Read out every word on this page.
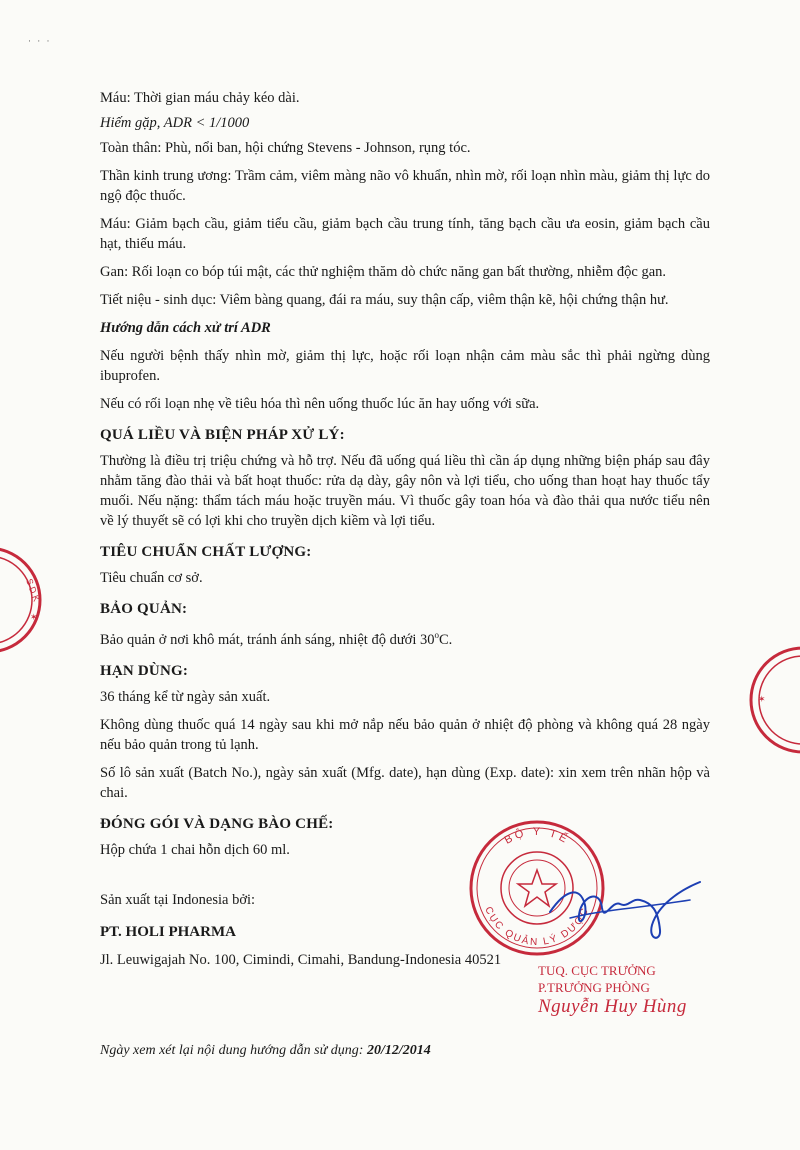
· · ·

Máu: Thời gian máu chảy kéo dài.

Hiếm gặp, ADR < 1/1000

Toàn thân: Phù, nổi ban, hội chứng Stevens - Johnson, rụng tóc.

Thần kinh trung ương: Trầm cảm, viêm màng não vô khuẩn, nhìn mờ, rối loạn nhìn màu, giảm thị lực do ngộ độc thuốc.

Máu: Giảm bạch cầu, giảm tiểu cầu, giảm bạch cầu trung tính, tăng bạch cầu ưa eosin, giảm bạch cầu hạt, thiếu máu.

Gan: Rối loạn co bóp túi mật, các thử nghiệm thăm dò chức năng gan bất thường, nhiễm độc gan.

Tiết niệu - sinh dục: Viêm bàng quang, đái ra máu, suy thận cấp, viêm thận kẽ, hội chứng thận hư.

Hướng dẫn cách xử trí ADR

Nếu người bệnh thấy nhìn mờ, giảm thị lực, hoặc rối loạn nhận cảm màu sắc thì phải ngừng dùng ibuprofen.

Nếu có rối loạn nhẹ về tiêu hóa thì nên uống thuốc lúc ăn hay uống với sữa.

QUÁ LIỀU VÀ BIỆN PHÁP XỬ LÝ:

Thường là điều trị triệu chứng và hỗ trợ. Nếu đã uống quá liều thì cần áp dụng những biện pháp sau đây nhằm tăng đào thải và bất hoạt thuốc: rửa dạ dày, gây nôn và lợi tiểu, cho uống than hoạt hay thuốc tẩy muối. Nếu nặng: thẩm tách máu hoặc truyền máu. Vì thuốc gây toan hóa và đào thải qua nước tiểu nên về lý thuyết sẽ có lợi khi cho truyền dịch kiềm và lợi tiểu.

TIÊU CHUẨN CHẤT LƯỢNG:

Tiêu chuẩn cơ sở.

BẢO QUẢN:

Bảo quản ở nơi khô mát, tránh ánh sáng, nhiệt độ dưới 30$^o$C.

HẠN DÙNG:

36 tháng kể từ ngày sản xuất.

Không dùng thuốc quá 14 ngày sau khi mở nắp nếu bảo quản ở nhiệt độ phòng và không quá 28 ngày nếu bảo quản trong tủ lạnh.

Số lô sản xuất (Batch No.), ngày sản xuất (Mfg. date), hạn dùng (Exp. date): xin xem trên nhãn hộp và chai.

ĐÓNG GÓI VÀ DẠNG BÀO CHẾ:

Hộp chứa 1 chai hỗn dịch 60 ml.

Sản xuất tại Indonesia bởi:

PT. HOLI PHARMA

Jl. Leuwigajah No. 100, Cimindi, Cimahi, Bandung-Indonesia 40521

Ngày xem xét lại nội dung hướng dẫn sử dụng: 20/12/2014
S D K
✶
✶
BỘ Y TẾ
CỤC QUẢN LÝ DƯỢC
TUQ. CỤC TRƯỞNG
P.TRƯỞNG PHÒNG
Nguyễn Huy Hùng
